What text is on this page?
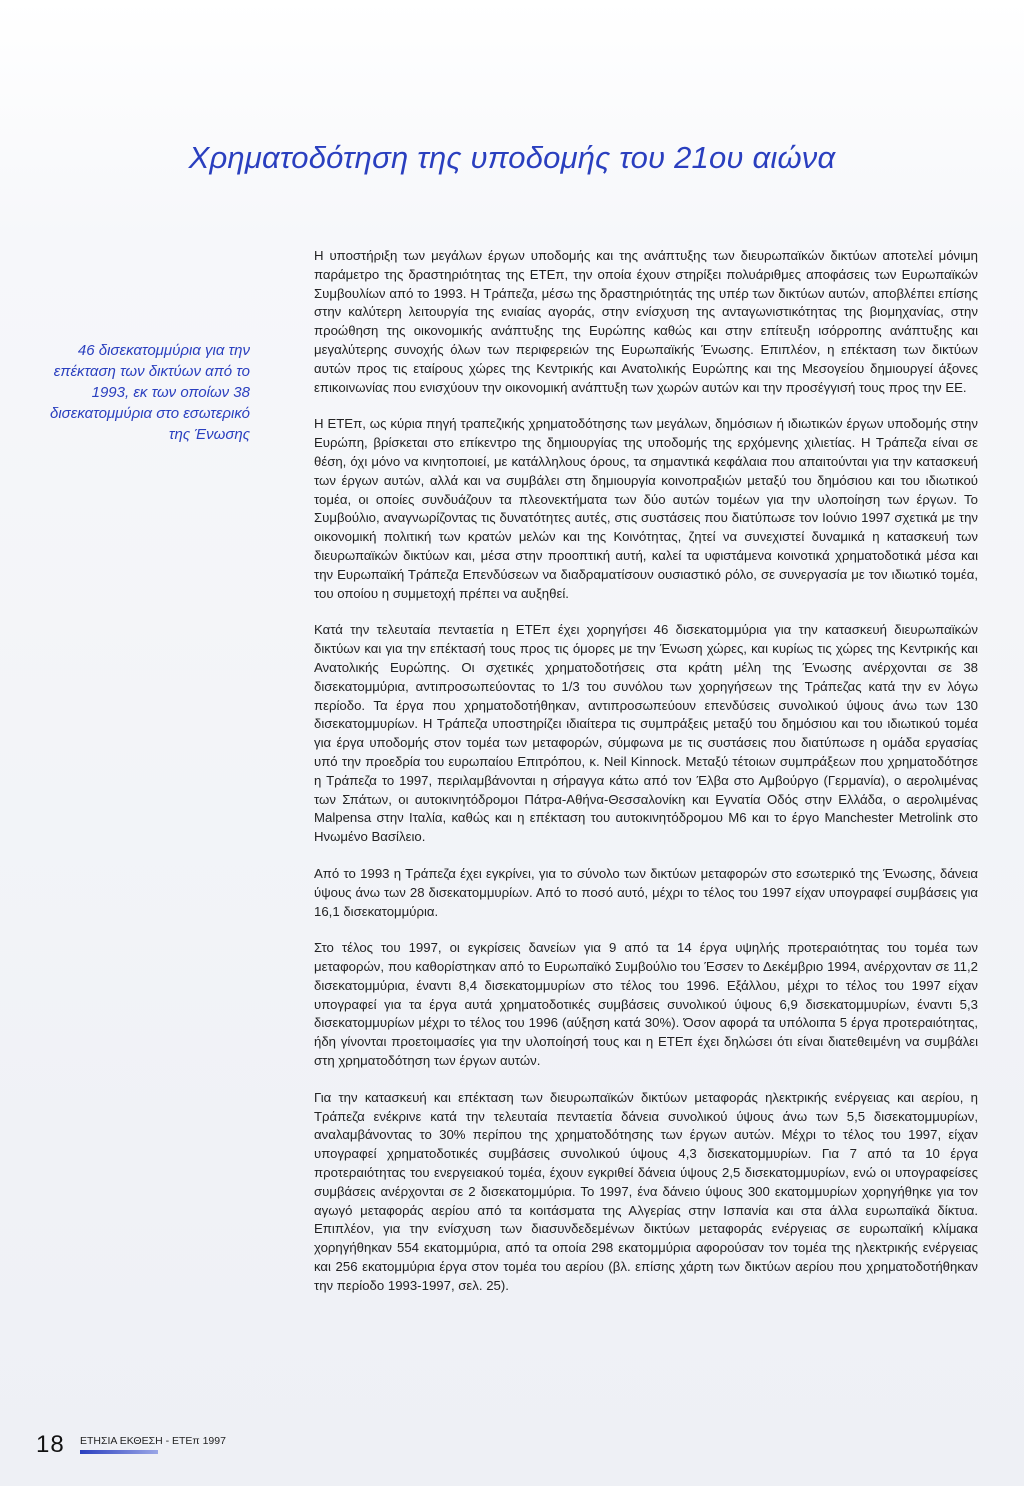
Χρηματοδότηση της υποδομής του 21ου αιώνα
46 δισεκατομμύρια για την επέκταση των δικτύων από το 1993, εκ των οποίων 38 δισεκατομμύρια στο εσωτερικό της Ένωσης

Η υποστήριξη των μεγάλων έργων υποδομής και της ανάπτυξης των διευρωπαϊκών δικτύων αποτελεί μόνιμη παράμετρο της δραστηριότητας της ΕΤΕπ, την οποία έχουν στηρίξει πολυάριθμες αποφάσεις των Ευρωπαϊκών Συμβουλίων από το 1993. Η Τράπεζα, μέσω της δραστηριότητάς της υπέρ των δικτύων αυτών, αποβλέπει επίσης στην καλύτερη λειτουργία της ενιαίας αγοράς, στην ενίσχυση της ανταγωνιστικότητας της βιομηχανίας, στην προώθηση της οικονομικής ανάπτυξης της Ευρώπης καθώς και στην επίτευξη ισόρροπης ανάπτυξης και μεγαλύτερης συνοχής όλων των περιφερειών της Ευρωπαϊκής Ένωσης. Επιπλέον, η επέκταση των δικτύων αυτών προς τις εταίρους χώρες της Κεντρικής και Ανατολικής Ευρώπης και της Μεσογείου δημιουργεί άξονες επικοινωνίας που ενισχύουν την οικονομική ανάπτυξη των χωρών αυτών και την προσέγγισή τους προς την ΕΕ.

Η ΕΤΕπ, ως κύρια πηγή τραπεζικής χρηματοδότησης των μεγάλων, δημόσιων ή ιδιωτικών έργων υποδομής στην Ευρώπη, βρίσκεται στο επίκεντρο της δημιουργίας της υποδομής της ερχόμενης χιλιετίας. Η Τράπεζα είναι σε θέση, όχι μόνο να κινητοποιεί, με κατάλληλους όρους, τα σημαντικά κεφάλαια που απαιτούνται για την κατασκευή των έργων αυτών, αλλά και να συμβάλει στη δημιουργία κοινοπραξιών μεταξύ του δημόσιου και του ιδιωτικού τομέα, οι οποίες συνδυάζουν τα πλεονεκτήματα των δύο αυτών τομέων για την υλοποίηση των έργων. Το Συμβούλιο, αναγνωρίζοντας τις δυνατότητες αυτές, στις συστάσεις που διατύπωσε τον Ιούνιο 1997 σχετικά με την οικονομική πολιτική των κρατών μελών και της Κοινότητας, ζητεί να συνεχιστεί δυναμικά η κατασκευή των διευρωπαϊκών δικτύων και, μέσα στην προοπτική αυτή, καλεί τα υφιστάμενα κοινοτικά χρηματοδοτικά μέσα και την Ευρωπαϊκή Τράπεζα Επενδύσεων να διαδραματίσουν ουσιαστικό ρόλο, σε συνεργασία με τον ιδιωτικό τομέα, του οποίου η συμμετοχή πρέπει να αυξηθεί.

Κατά την τελευταία πενταετία η ΕΤΕπ έχει χορηγήσει 46 δισεκατομμύρια για την κατασκευή διευρωπαϊκών δικτύων και για την επέκτασή τους προς τις όμορες με την Ένωση χώρες, και κυρίως τις χώρες της Κεντρικής και Ανατολικής Ευρώπης. Οι σχετικές χρηματοδοτήσεις στα κράτη μέλη της Ένωσης ανέρχονται σε 38 δισεκατομμύρια, αντιπροσωπεύοντας το 1/3 του συνόλου των χορηγήσεων της Τράπεζας κατά την εν λόγω περίοδο. Τα έργα που χρηματοδοτήθηκαν, αντιπροσωπεύουν επενδύσεις συνολικού ύψους άνω των 130 δισεκατομμυρίων. Η Τράπεζα υποστηρίζει ιδιαίτερα τις συμπράξεις μεταξύ του δημόσιου και του ιδιωτικού τομέα για έργα υποδομής στον τομέα των μεταφορών, σύμφωνα με τις συστάσεις που διατύπωσε η ομάδα εργασίας υπό την προεδρία του ευρωπαίου Επιτρόπου, κ. Neil Kinnock. Μεταξύ τέτοιων συμπράξεων που χρηματοδότησε η Τράπεζα το 1997, περιλαμβάνονται η σήραγγα κάτω από τον Έλβα στο Αμβούργο (Γερμανία), ο αερολιμένας των Σπάτων, οι αυτοκινητόδρομοι Πάτρα-Αθήνα-Θεσσαλονίκη και Εγνατία Οδός στην Ελλάδα, ο αερολιμένας Malpensa στην Ιταλία, καθώς και η επέκταση του αυτοκινητόδρομου Μ6 και το έργο Manchester Metrolink στο Ηνωμένο Βασίλειο.

Από το 1993 η Τράπεζα έχει εγκρίνει, για το σύνολο των δικτύων μεταφορών στο εσωτερικό της Ένωσης, δάνεια ύψους άνω των 28 δισεκατομμυρίων. Από το ποσό αυτό, μέχρι το τέλος του 1997 είχαν υπογραφεί συμβάσεις για 16,1 δισεκατομμύρια.

Στο τέλος του 1997, οι εγκρίσεις δανείων για 9 από τα 14 έργα υψηλής προτεραιότητας του τομέα των μεταφορών, που καθορίστηκαν από το Ευρωπαϊκό Συμβούλιο του Έσσεν το Δεκέμβριο 1994, ανέρχονταν σε 11,2 δισεκατομμύρια, έναντι 8,4 δισεκατομμυρίων στο τέλος του 1996. Εξάλλου, μέχρι το τέλος του 1997 είχαν υπογραφεί για τα έργα αυτά χρηματοδοτικές συμβάσεις συνολικού ύψους 6,9 δισεκατομμυρίων, έναντι 5,3 δισεκατομμυρίων μέχρι το τέλος του 1996 (αύξηση κατά 30%). Όσον αφορά τα υπόλοιπα 5 έργα προτεραιότητας, ήδη γίνονται προετοιμασίες για την υλοποίησή τους και η ΕΤΕπ έχει δηλώσει ότι είναι διατεθειμένη να συμβάλει στη χρηματοδότηση των έργων αυτών.

Για την κατασκευή και επέκταση των διευρωπαϊκών δικτύων μεταφοράς ηλεκτρικής ενέργειας και αερίου, η Τράπεζα ενέκρινε κατά την τελευταία πενταετία δάνεια συνολικού ύψους άνω των 5,5 δισεκατομμυρίων, αναλαμβάνοντας το 30% περίπου της χρηματοδότησης των έργων αυτών. Μέχρι το τέλος του 1997, είχαν υπογραφεί χρηματοδοτικές συμβάσεις συνολικού ύψους 4,3 δισεκατομμυρίων. Για 7 από τα 10 έργα προτεραιότητας του ενεργειακού τομέα, έχουν εγκριθεί δάνεια ύψους 2,5 δισεκατομμυρίων, ενώ οι υπογραφείσες συμβάσεις ανέρχονται σε 2 δισεκατομμύρια. Το 1997, ένα δάνειο ύψους 300 εκατομμυρίων χορηγήθηκε για τον αγωγό μεταφοράς αερίου από τα κοιτάσματα της Αλγερίας στην Ισπανία και στα άλλα ευρωπαϊκά δίκτυα. Επιπλέον, για την ενίσχυση των διασυνδεδεμένων δικτύων μεταφοράς ενέργειας σε ευρωπαϊκή κλίμακα χορηγήθηκαν 554 εκατομμύρια, από τα οποία 298 εκατομμύρια αφορούσαν τον τομέα της ηλεκτρικής ενέργειας και 256 εκατομμύρια έργα στον τομέα του αερίου (βλ. επίσης χάρτη των δικτύων αερίου που χρηματοδοτήθηκαν την περίοδο 1993-1997, σελ. 25).

18 ΕΤΗΣΙΑ ΕΚΘΕΣΗ - ΕΤΕπ 1997
